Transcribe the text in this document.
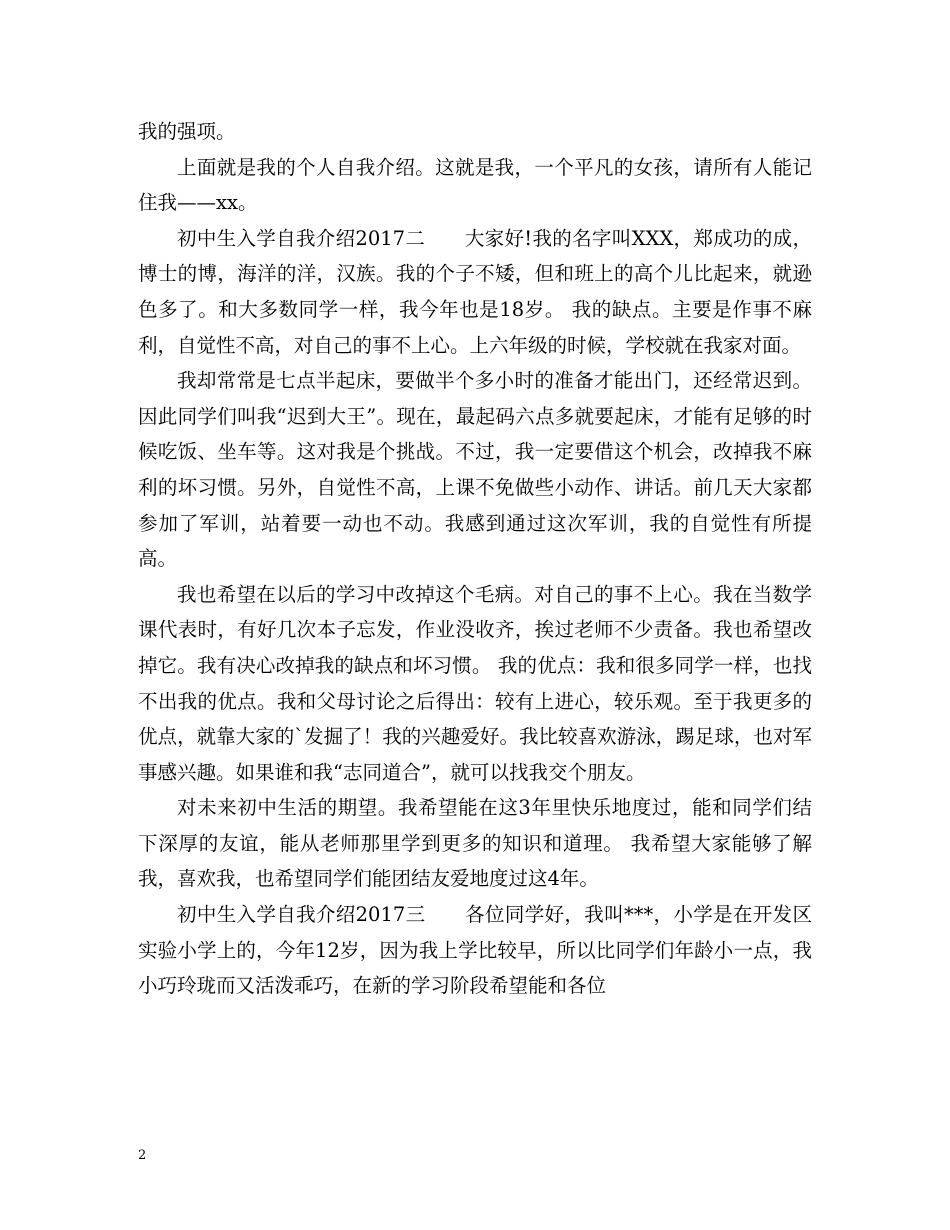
我的强项。

上面就是我的个人自我介绍。这就是我，一个平凡的女孩，请所有人能记住我——xx。

初中生入学自我介绍2017二　　大家好!我的名字叫XXX，郑成功的成，博士的博，海洋的洋，汉族。我的个子不矮，但和班上的高个儿比起来，就逊色多了。和大多数同学一样，我今年也是18岁。 我的缺点。主要是作事不麻利，自觉性不高，对自己的事不上心。上六年级的时候，学校就在我家对面。

我却常常是七点半起床，要做半个多小时的准备才能出门，还经常迟到。因此同学们叫我“迟到大王”。现在，最起码六点多就要起床，才能有足够的时候吃饭、坐车等。这对我是个挑战。不过，我一定要借这个机会，改掉我不麻利的坏习惯。另外，自觉性不高，上课不免做些小动作、讲话。前几天大家都参加了军训，站着要一动也不动。我感到通过这次军训，我的自觉性有所提高。

我也希望在以后的学习中改掉这个毛病。对自己的事不上心。我在当数学课代表时，有好几次本子忘发，作业没收齐，挨过老师不少责备。我也希望改掉它。我有决心改掉我的缺点和坏习惯。 我的优点：我和很多同学一样，也找不出我的优点。我和父母讨论之后得出：较有上进心，较乐观。至于我更多的优点，就靠大家的`发掘了！我的兴趣爱好。我比较喜欢游泳，踢足球，也对军事感兴趣。如果谁和我“志同道合”，就可以找我交个朋友。

对未来初中生活的期望。我希望能在这3年里快乐地度过，能和同学们结下深厚的友谊，能从老师那里学到更多的知识和道理。 我希望大家能够了解我，喜欢我，也希望同学们能团结友爱地度过这4年。

初中生入学自我介绍2017三　　各位同学好，我叫***，小学是在开发区实验小学上的，今年12岁，因为我上学比较早，所以比同学们年龄小一点，我小巧玲珑而又活泼乖巧，在新的学习阶段希望能和各位

2
